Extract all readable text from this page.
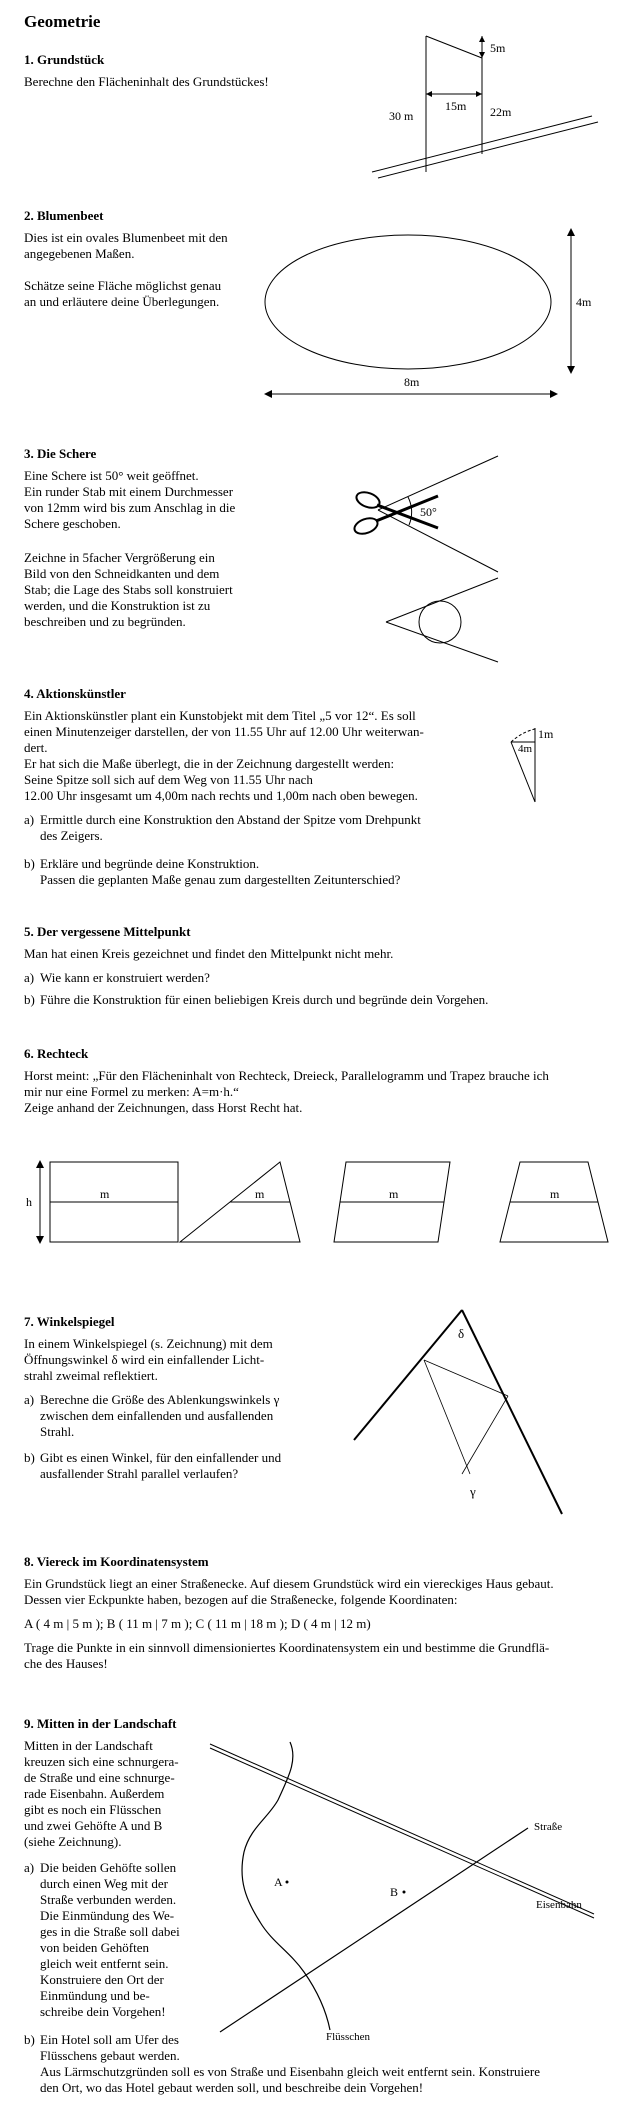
Geometrie
1. Grundstück
Berechne den Flächeninhalt des Grundstückes!
5m
15m
30 m	22m
2. Blumenbeet
Dies ist ein ovales Blumenbeet mit den
angegebenen Maßen.
Schätze seine Fläche möglichst genau
an und erläutere deine Überlegungen.	4m
8m
3. Die Schere
Eine Schere ist 50° weit geöffnet.
Ein runder Stab mit einem Durchmesser
von 12mm wird bis zum Anschlag in die
Schere geschoben.
Zeichne in 5facher Vergrößerung ein
Bild von den Schneidkanten und dem
Stab; die Lage des Stabs soll konstruiert
werden, und die Konstruktion ist zu
beschreiben und zu begründen.
50°
4. Aktionskünstler
Ein Aktionskünstler plant ein Kunstobjekt mit dem Titel „5 vor 12“. Es soll
einen Minutenzeiger darstellen, der von 11.55 Uhr auf 12.00 Uhr weiterwan-
dert.
Er hat sich die Maße überlegt, die in der Zeichnung dargestellt werden:
Seine Spitze soll sich auf dem Weg von 11.55 Uhr nach
12.00 Uhr insgesamt um 4,00m nach rechts und 1,00m nach oben bewegen.
a) Ermittle durch eine Konstruktion den Abstand der Spitze vom Drehpunkt
des Zeigers.
b) Erkläre und begründe deine Konstruktion.
Passen die geplanten Maße genau zum dargestellten Zeitunterschied?
1m
4m
5. Der vergessene Mittelpunkt
Man hat einen Kreis gezeichnet und findet den Mittelpunkt nicht mehr.
a) Wie kann er konstruiert werden?
b) Führe die Konstruktion für einen beliebigen Kreis durch und begründe dein Vorgehen.
6. Rechteck
Horst meint: „Für den Flächeninhalt von Rechteck, Dreieck, Parallelogramm und Trapez brauche ich
mir nur eine Formel zu merken: A=m·h.“
Zeige anhand der Zeichnungen, dass Horst Recht hat.
h
m	m	m	m
7. Winkelspiegel
In einem Winkelspiegel (s. Zeichnung) mit dem
Öffnungswinkel δ wird ein einfallender Licht-
strahl zweimal reflektiert.
a) Berechne die Größe des Ablenkungswinkels γ
zwischen dem einfallenden und ausfallenden
Strahl.
b) Gibt es einen Winkel, für den einfallender und
ausfallender Strahl parallel verlaufen?
δ
γ
8. Viereck im Koordinatensystem
Ein Grundstück liegt an einer Straßenecke. Auf diesem Grundstück wird ein viereckiges Haus gebaut.
Dessen vier Eckpunkte haben, bezogen auf die Straßenecke, folgende Koordinaten:
A ( 4 m | 5 m ); B ( 11 m | 7 m ); C ( 11 m | 18 m ); D ( 4 m | 12 m)
Trage die Punkte in ein sinnvoll dimensioniertes Koordinatensystem ein und bestimme die Grundflä-
che des Hauses!
9. Mitten in der Landschaft
Mitten in der Landschaft
kreuzen sich eine schnurgera-
de Straße und eine schnurge-
rade Eisenbahn. Außerdem
gibt es noch ein Flüsschen
und zwei Gehöfte A und B
(siehe Zeichnung).
a) Die beiden Gehöfte sollen
durch einen Weg mit der
Straße verbunden werden.
Die Einmündung des We-
ges in die Straße soll dabei
von beiden Gehöften
gleich weit entfernt sein.
Konstruiere den Ort der
Einmündung und be-
schreibe dein Vorgehen!
b) Ein Hotel soll am Ufer des
Flüsschens gebaut werden.
Aus Lärmschutzgründen soll es von Straße und Eisenbahn gleich weit entfernt sein. Konstruiere
den Ort, wo das Hotel gebaut werden soll, und beschreibe dein Vorgehen!
A
B
Straße
Eisenbahn
Flüsschen
